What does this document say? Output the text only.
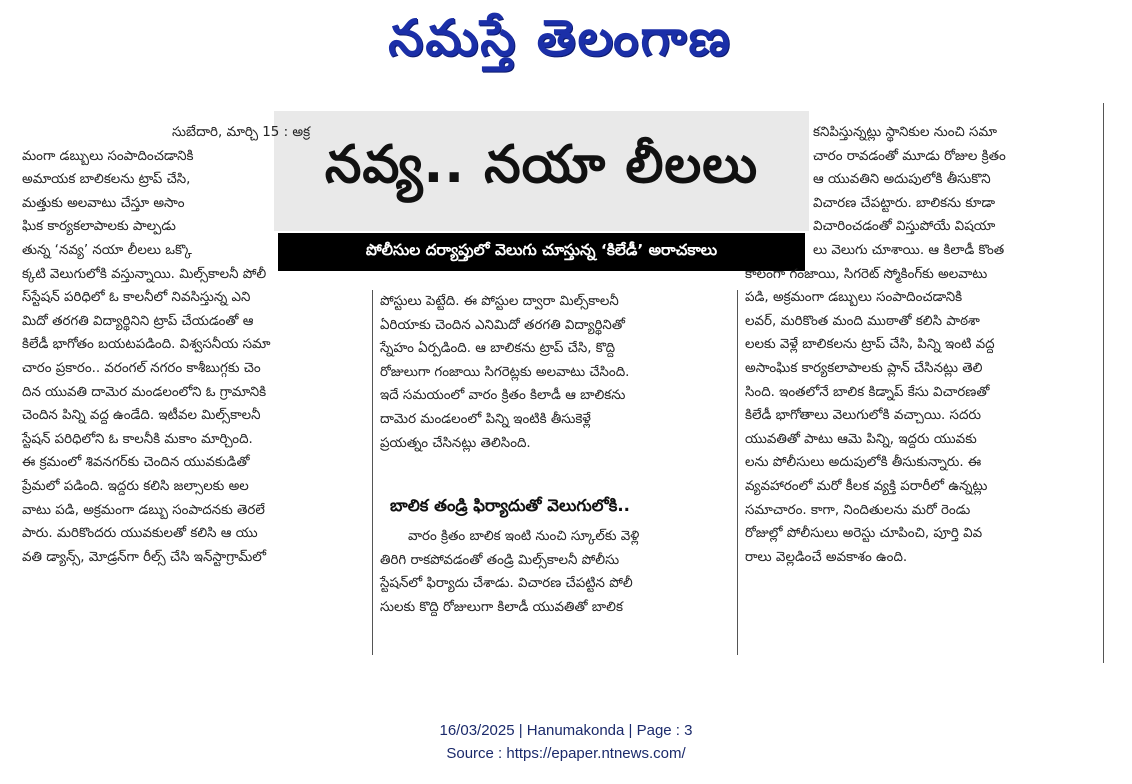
నమస్తే తెలంగాణ
నవ్య.. నయా లీలలు
పోలీసుల దర్యాప్తులో వెలుగు చూస్తున్న ‘కిలేడీ’ అరాచకాలు

సుబేదారి, మార్చి 15 : అక్ర

మంగా డబ్బులు సంపాదించడానికి

అమాయక బాలికలను ట్రాప్ చేసి,

మత్తుకు అలవాటు చేస్తూ అసాం

ఘిక కార్యకలాపాలకు పాల్పడు

తున్న ‘నవ్య’ నయా లీలలు ఒక్కొ

క్కటి వెలుగులోకి వస్తున్నాయి. మిల్స్‌కాలనీ పోలీ

స్‌స్టేషన్ పరిధిలో ఓ కాలనీలో నివసిస్తున్న ఎని

మిదో తరగతి విద్యార్థినిని ట్రాప్ చేయడంతో ఆ

కిలేడీ భాగోతం బయటపడింది. విశ్వసనీయ సమా

చారం ప్రకారం.. వరంగల్ నగరం కాశీబుగ్గకు చెం

దిన యువతి దామెర మండలంలోని ఓ గ్రామానికి

చెందిన పిన్ని వద్ద ఉండేది. ఇటీవల మిల్స్‌కాలనీ

స్టేషన్ పరిధిలోని ఓ కాలనీకి మకాం మార్చింది.

ఈ క్రమంలో శివనగర్‌కు చెందిన యువకుడితో

ప్రేమలో పడింది. ఇద్దరు కలిసి జల్సాలకు అల

వాటు పడి, అక్రమంగా డబ్బు సంపాదనకు తెరలే

పారు. మరికొందరు యువకులతో కలిసి ఆ యు

వతి డ్యాన్స్, మోడ్రన్‌గా రీల్స్ చేసి ఇన్‌స్టాగ్రామ్‌లో

పోస్టులు పెట్టేది. ఈ పోస్టుల ద్వారా మిల్స్‌కాలనీ

ఏరియాకు చెందిన ఎనిమిదో తరగతి విద్యార్థినితో

స్నేహం ఏర్పడింది. ఆ బాలికను ట్రాప్ చేసి, కొద్ది

రోజులుగా గంజాయి సిగరెట్లకు అలవాటు చేసింది.

ఇదే సమయంలో వారం క్రితం కిలాడీ ఆ బాలికను

దామెర మండలంలో పిన్ని ఇంటికి తీసుకెళ్లే

ప్రయత్నం చేసినట్లు తెలిసింది.

వారం క్రితం బాలిక ఇంటి నుంచి స్కూల్‌కు వెళ్లి

తిరిగి రాకపోవడంతో తండ్రి మిల్స్‌కాలనీ పోలీసు

స్టేషన్‌లో ఫిర్యాదు చేశాడు. విచారణ చేపట్టిన పోలీ

సులకు కొద్ది రోజులుగా కిలాడీ యువతితో బాలిక

బాలిక తండ్రి ఫిర్యాదుతో వెలుగులోకి..

కనిపిస్తున్నట్లు స్థానికుల నుంచి సమా

చారం రావడంతో మూడు రోజుల క్రితం

ఆ యువతిని అదుపులోకి తీసుకొని

విచారణ చేపట్టారు. బాలికను కూడా

విచారించడంతో విస్తుపోయే విషయా

లు వెలుగు చూశాయి. ఆ కిలాడీ కొంత

కాలంగా గంజాయి, సిగరెట్ స్మోకింగ్‌కు అలవాటు

పడి, అక్రమంగా డబ్బులు సంపాదించడానికి

లవర్, మరికొంత మంది ముఠాతో కలిసి పాఠశా

లలకు వెళ్లే బాలికలను ట్రాప్ చేసి, పిన్ని ఇంటి వద్ద

అసాంఘిక కార్యకలాపాలకు ప్లాన్ చేసినట్లు తెలి

సింది. ఇంతలోనే బాలిక కిడ్నాప్ కేసు విచారణతో

కిలేడీ భాగోతాలు వెలుగులోకి వచ్చాయి. సదరు

యువతితో పాటు ఆమె పిన్ని, ఇద్దరు యువకు

లను పోలీసులు అదుపులోకి తీసుకున్నారు. ఈ

వ్యవహారంలో మరో కీలక వ్యక్తి పరారీలో ఉన్నట్లు

సమాచారం. కాగా, నిందితులను మరో రెండు

రోజుల్లో పోలీసులు అరెస్టు చూపించి, పూర్తి వివ

రాలు వెల్లడించే అవకాశం ఉంది.

16/03/2025 | Hanumakonda | Page : 3
Source : https://epaper.ntnews.com/
